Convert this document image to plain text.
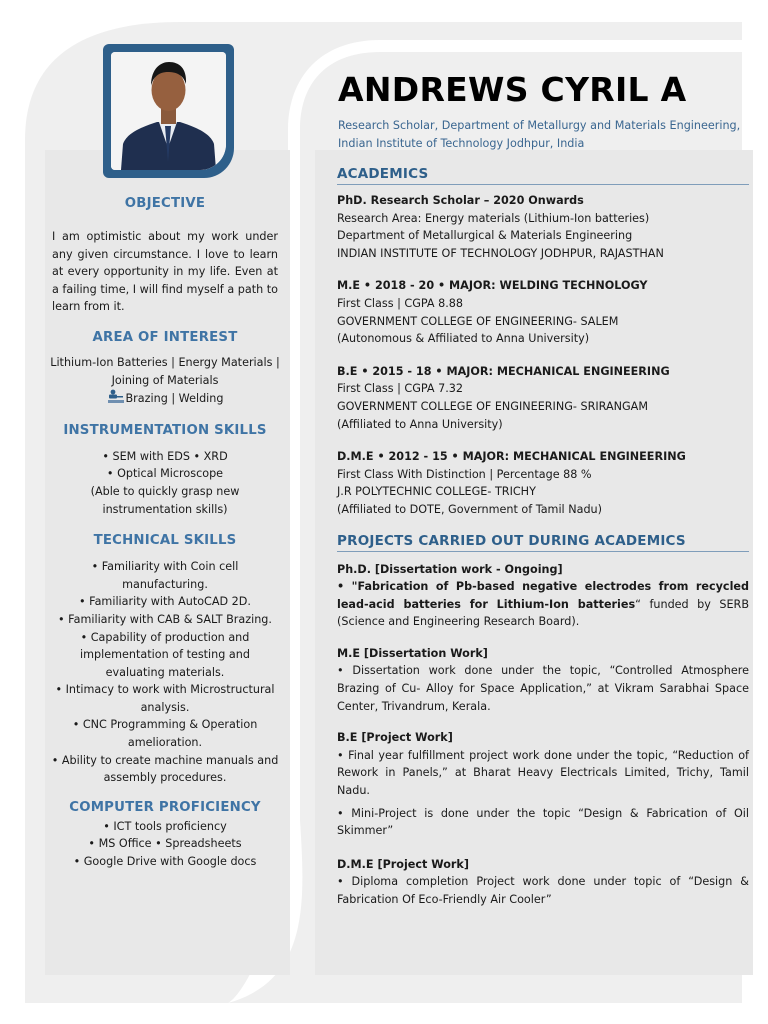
ANDREWS CYRIL A
Research Scholar, Department of Metallurgy and Materials Engineering,
Indian Institute of Technology Jodhpur, India
OBJECTIVE
I am optimistic about my work under any given circumstance. I love to learn at every opportunity in my life. Even at a failing time, I will find myself a path to learn from it.
AREA OF INTEREST
Lithium-Ion Batteries | Energy Materials |
Joining of Materials
Brazing | Welding
INSTRUMENTATION SKILLS
• SEM with EDS • XRD
• Optical Microscope
(Able to quickly grasp new
instrumentation skills)
TECHNICAL SKILLS
• Familiarity with Coin cell
manufacturing.
• Familiarity with AutoCAD 2D.
• Familiarity with CAB & SALT Brazing.
• Capability of production and
implementation of testing and
evaluating materials.
• Intimacy to work with Microstructural
analysis.
• CNC Programming & Operation
amelioration.
• Ability to create machine manuals and
assembly procedures.
COMPUTER PROFICIENCY
• ICT tools proficiency
• MS Office • Spreadsheets
• Google Drive with Google docs
ACADEMICS
PhD. Research Scholar – 2020 Onwards
Research Area: Energy materials (Lithium-Ion batteries)
Department of Metallurgical & Materials Engineering
INDIAN INSTITUTE OF TECHNOLOGY JODHPUR, RAJASTHAN
M.E • 2018 - 20 • MAJOR: WELDING TECHNOLOGY
First Class | CGPA 8.88
GOVERNMENT COLLEGE OF ENGINEERING- SALEM
(Autonomous & Affiliated to Anna University)
B.E • 2015 - 18 • MAJOR: MECHANICAL ENGINEERING
First Class | CGPA 7.32
GOVERNMENT COLLEGE OF ENGINEERING- SRIRANGAM
(Affiliated to Anna University)
D.M.E • 2012 - 15 • MAJOR: MECHANICAL ENGINEERING
First Class With Distinction | Percentage 88 %
J.R POLYTECHNIC COLLEGE- TRICHY
(Affiliated to DOTE, Government of Tamil Nadu)
PROJECTS CARRIED OUT DURING ACADEMICS
Ph.D. [Dissertation work - Ongoing]
• "Fabrication of Pb-based negative electrodes from recycled lead-acid batteries for Lithium-Ion batteries“ funded by SERB (Science and Engineering Research Board).
M.E [Dissertation Work]
• Dissertation work done under the topic, “Controlled Atmosphere Brazing of Cu- Alloy for Space Application,” at Vikram Sarabhai Space Center, Trivandrum, Kerala.
B.E [Project Work]
• Final year fulfillment project work done under the topic, “Reduction of Rework in Panels,” at Bharat Heavy Electricals Limited, Trichy, Tamil Nadu.
• Mini-Project is done under the topic “Design & Fabrication of Oil Skimmer”
D.M.E [Project Work]
• Diploma completion Project work done under topic of “Design & Fabrication Of Eco-Friendly Air Cooler”
